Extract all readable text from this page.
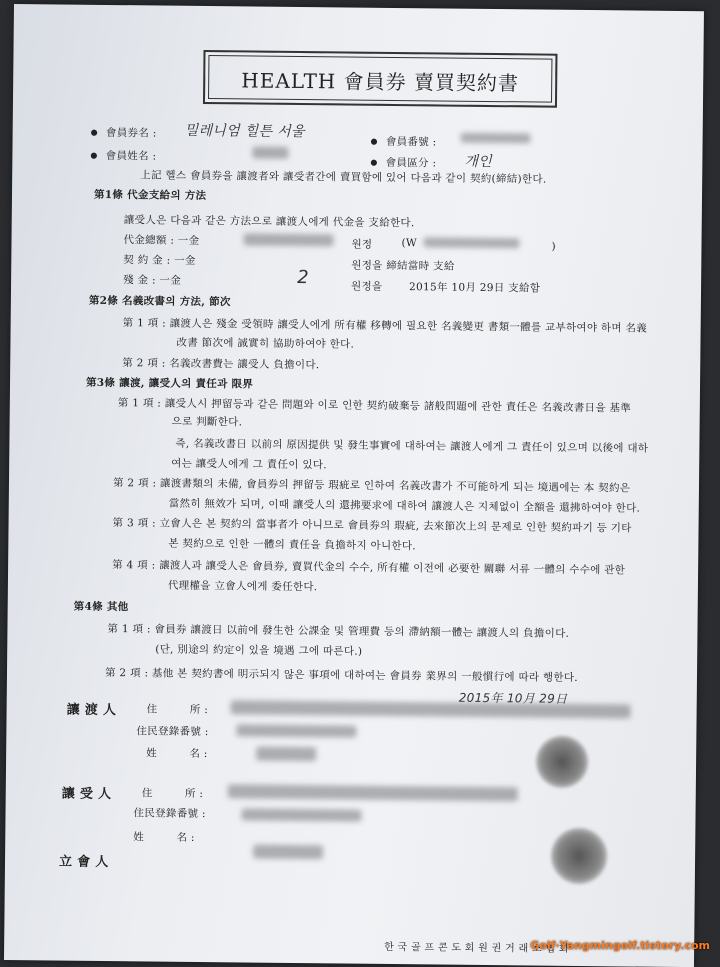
HEALTH 會員券 賣買契約書
● 會員券名 : 밀레니엄 힐튼 서울
● 會員番號 :
● 會員姓名 :
● 會員區分 : 개인
上記 헬스 會員券을 讓渡者와 讓受者간에 賣買함에 있어 다음과 같이 契約(締結)한다.
第1條 代金支給의 方法
讓受人은 다음과 같은 方法으로 讓渡人에게 代金을 支給한다.
代金總額 : 一金	원정	(W	)
契 約 金 : 一金	원정을 締結當時 支給
殘 金 : 一金	2	원정을	2015年 10月 29日 支給함
第2條 名義改書의 方法, 節次
第 1 項 : 讓渡人은 殘金 受領時 讓受人에게 所有權 移轉에 필요한 名義變更 書類一體를 교부하여야 하며 名義
改書 節次에 誠實히 協助하여야 한다.
第 2 項 : 名義改書費는 讓受人 負擔이다.
第3條 讓渡, 讓受人의 責任과 限界
第 1 項 : 讓受人시 押留등과 같은 問題와 이로 인한 契約破棄등 諸般問題에 관한 責任은 名義改書日을 基準
으로 判斷한다.
즉, 名義改書日 以前의 原因提供 및 發生事實에 대하여는 讓渡人에게 그 責任이 있으며 以後에 대하
여는 讓受人에게 그 責任이 있다.
第 2 項 : 讓渡書類의 未備, 會員券의 押留등 瑕疵로 인하여 名義改書가 不可能하게 되는 境遇에는 本 契約은
當然히 無效가 되며, 이때 讓受人의 還拂要求에 대하여 讓渡人은 지체없이 全額을 還拂하여야 한다.
第 3 項 : 立會人은 본 契約의 當事者가 아니므로 會員券의 瑕疵, 去來節次上의 문제로 인한 契約파기 등 기타
본 契約으로 인한 一體의 責任을 負擔하지 아니한다.
第 4 項 : 讓渡人과 讓受人은 會員券, 賣買代金의 수수, 所有權 이전에 必要한 關聯 서류 一體의 수수에 관한
代理權을 立會人에게 委任한다.
第4條 其他
第 1 項 : 會員券 讓渡日 以前에 發生한 公課金 및 管理費 등의 滯納額一體는 讓渡人의 負擔이다.
(단, 別途의 約定이 있을 境遇 그에 따른다.)
第 2 項 : 基他 본 契約書에 明示되지 않은 事項에 대하여는 會員券 業界의 一般慣行에 따라 행한다.
2015年 10月 29日
讓 渡 人	住　　　所 :
住民登錄番號 :
姓　　　名 :
讓 受 人	住　　　所 :
住民登錄番號 :
姓　　　名 :
立 會 人
한 국 골 프 콘 도 회 원 권 거 래 소 협 회
Golf·Yangmingolf.tistory.com
